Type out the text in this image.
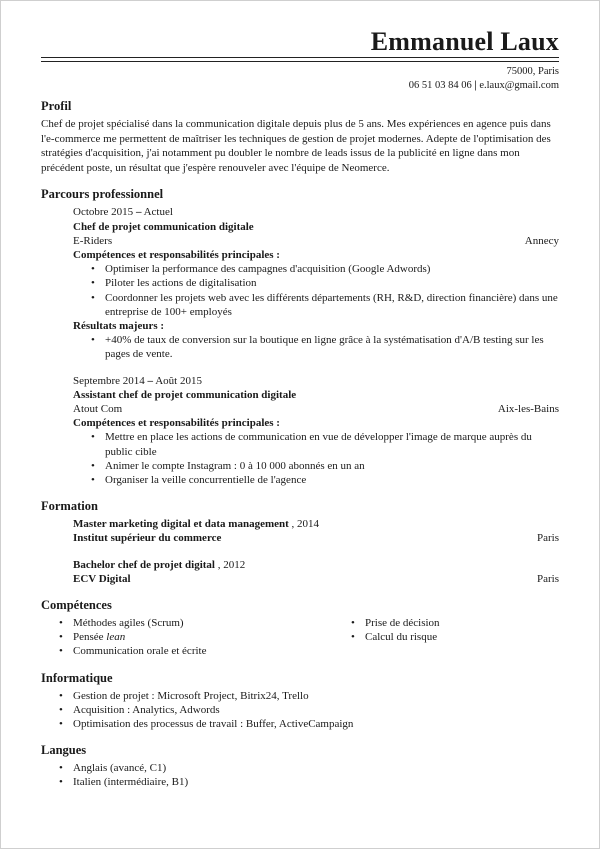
Emmanuel Laux
75000, Paris
06 51 03 84 06 | e.laux@gmail.com
Profil

Chef de projet spécialisé dans la communication digitale depuis plus de 5 ans. Mes expériences en agence puis dans l'e-commerce me permettent de maîtriser les techniques de gestion de projet modernes. Adepte de l'optimisation des stratégies d'acquisition, j'ai notamment pu doubler le nombre de leads issus de la publicité en ligne dans mon précédent poste, un résultat que j'espère renouveler avec l'équipe de Neomerce.

Parcours professionnel
Octobre 2015 – Actuel
Chef de projet communication digitale
E-Riders	Annecy
Compétences et responsabilités principales :
• Optimiser la performance des campagnes d'acquisition (Google Adwords)
• Piloter les actions de digitalisation
• Coordonner les projets web avec les différents départements (RH, R&D, direction financière) dans une entreprise de 100+ employés
Résultats majeurs :
• +40% de taux de conversion sur la boutique en ligne grâce à la systématisation d'A/B testing sur les pages de vente.
Septembre 2014 – Août 2015
Assistant chef de projet communication digitale
Atout Com	Aix-les-Bains
Compétences et responsabilités principales :
• Mettre en place les actions de communication en vue de développer l'image de marque auprès du public cible
• Animer le compte Instagram : 0 à 10 000 abonnés en un an
• Organiser la veille concurrentielle de l'agence
Formation
Master marketing digital et data management , 2014
Institut supérieur du commerce	Paris
Bachelor chef de projet digital , 2012
ECV Digital	Paris
Compétences
• Méthodes agiles (Scrum)
• Pensée lean
• Communication orale et écrite
• Prise de décision
• Calcul du risque
Informatique
• Gestion de projet : Microsoft Project, Bitrix24, Trello
• Acquisition : Analytics, Adwords
• Optimisation des processus de travail : Buffer, ActiveCampaign
Langues
• Anglais (avancé, C1)
• Italien (intermédiaire, B1)
